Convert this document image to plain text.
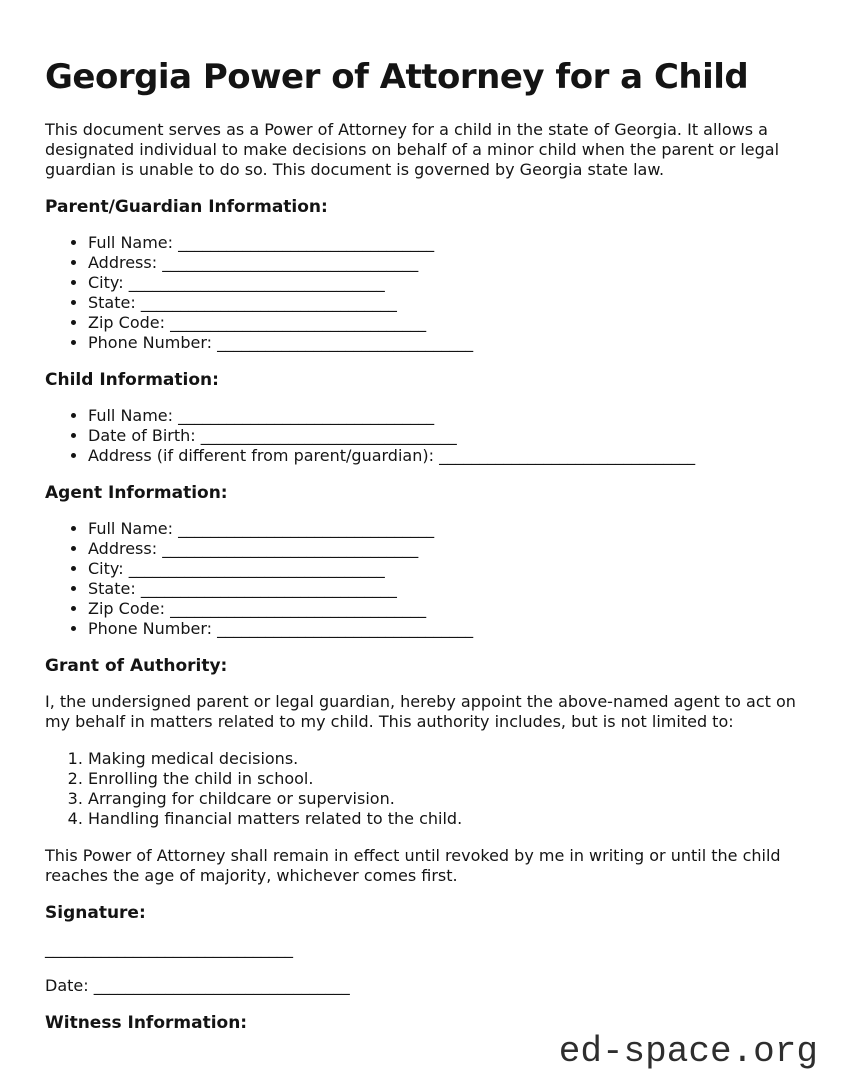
Georgia Power of Attorney for a Child

This document serves as a Power of Attorney for a child in the state of Georgia. It allows a designated individual to make decisions on behalf of a minor child when the parent or legal guardian is unable to do so. This document is governed by Georgia state law.

Parent/Guardian Information:
• Full Name: ________________________________
• Address: ________________________________
• City: ________________________________
• State: ________________________________
• Zip Code: ________________________________
• Phone Number: ________________________________
Child Information:
• Full Name: ________________________________
• Date of Birth: ________________________________
• Address (if different from parent/guardian): ________________________________
Agent Information:
• Full Name: ________________________________
• Address: ________________________________
• City: ________________________________
• State: ________________________________
• Zip Code: ________________________________
• Phone Number: ________________________________
Grant of Authority:

I, the undersigned parent or legal guardian, hereby appoint the above-named agent to act on my behalf in matters related to my child. This authority includes, but is not limited to:

1. Making medical decisions.
2. Enrolling the child in school.
3. Arranging for childcare or supervision.
4. Handling financial matters related to the child.

This Power of Attorney shall remain in effect until revoked by me in writing or until the child reaches the age of majority, whichever comes first.

Signature:

_______________________________

Date: ________________________________

Witness Information:
ed-space.org
